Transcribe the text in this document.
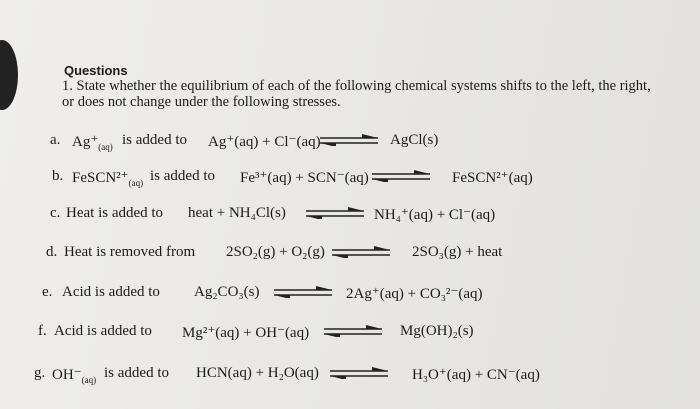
Questions
1. State whether the equilibrium of each of the following chemical systems shifts to the left, the right, or does not change under the following stresses.
a. $Ag^+_{(aq)}$ is added to Ag⁺(aq) + Cl⁻(aq)	AgCl(s)
b. $FeSCN^{2+}_{(aq)}$ is added to Fe³⁺(aq) + SCN⁻(aq)	FeSCN²⁺(aq)
c. Heat is added to heat + NH₄Cl(s)	NH₄⁺(aq) + Cl⁻(aq)
d. Heat is removed from 2SO₂(g) + O₂(g)	2SO₃(g) + heat
e. Acid is added to Ag₂CO₃(s)	2Ag⁺(aq) + CO₃²⁻(aq)
f. Acid is added to Mg²⁺(aq) + OH⁻(aq)	Mg(OH)₂(s)
g. $OH^-_{(aq)}$ is added to HCN(aq) + H₂O(aq)	H₃O⁺(aq) + CN⁻(aq)
